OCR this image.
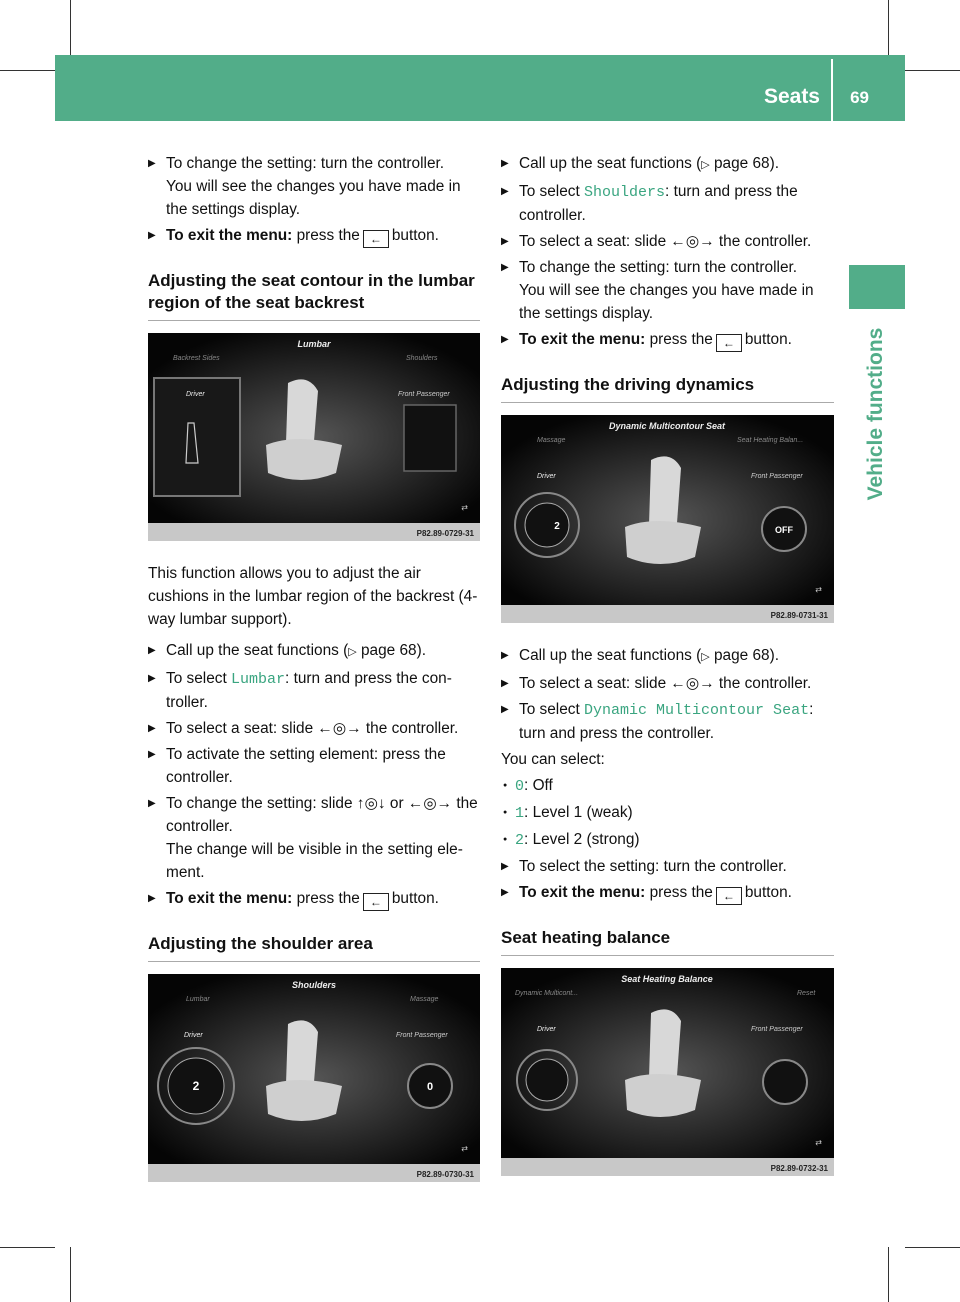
Seats 69
Vehicle functions

▶ To change the setting: turn the controller.

You will see the changes you have made in the settings display.

▶ To exit the menu: press the ← button.
Adjusting the seat contour in the lumbar region of the seat backrest
Lumbar
Backrest Sides	Shoulders
Driver	Front Passenger
⇄
P82.89-0729-31

This function allows you to adjust the air cushions in the lumbar region of the backrest (4-way lumbar support).

▶ Call up the seat functions (▷ page 68).
▶ To select Lumbar: turn and press the con-troller.
▶ To select a seat: slide ←◎→ the controller.
▶ To activate the setting element: press the controller.

▶ To change the setting: slide ↑◎↓ or ←◎→ the controller.

The change will be visible in the setting ele-ment.

▶ To exit the menu: press the ← button.
Adjusting the shoulder area
Shoulders
Lumbar	Massage
Driver
2
Front Passenger
0
⇄
P82.89-0730-31
▶ Call up the seat functions (▷ page 68).
▶ To select Shoulders: turn and press the controller.
▶ To select a seat: slide ←◎→ the controller.

▶ To change the setting: turn the controller.

You will see the changes you have made in the settings display.

▶ To exit the menu: press the ← button.
Adjusting the driving dynamics
Dynamic Multicontour Seat
Massage	Seat Heating Balan...
Driver
2
Front Passenger
OFF
⇄
P82.89-0731-31
▶ Call up the seat functions (▷ page 68).
▶ To select a seat: slide ←◎→ the controller.
▶ To select Dynamic Multicontour Seat: turn and press the controller.

You can select:

● 0: Off
● 1: Level 1 (weak)
● 2: Level 2 (strong)
▶ To select the setting: turn the controller.
▶ To exit the menu: press the ← button.
Seat heating balance
Seat Heating Balance
Dynamic Multicont...	Reset
Driver	Front Passenger
⇄
P82.89-0732-31
